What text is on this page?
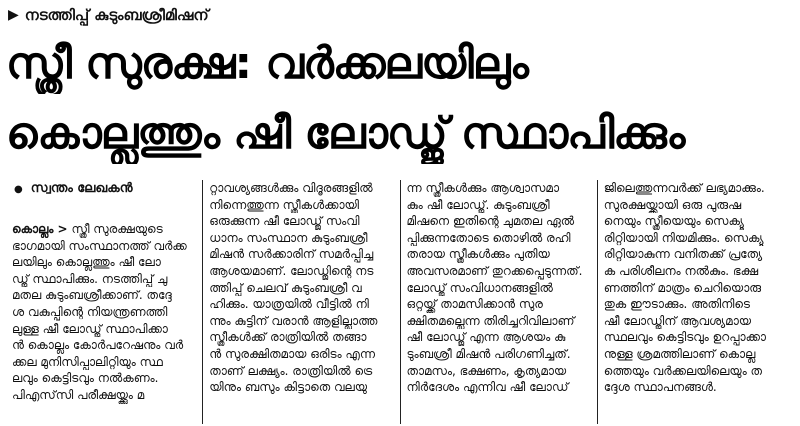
▶ നടത്തിപ്പ് കുടുംബശ്രീമിഷന്
സ്ത്രീ സുരക്ഷ: വർക്കലയിലും
കൊല്ലത്തും ഷീ ലോഡ്ജ് സ്ഥാപിക്കും
● സ്വന്തം ലേഖകൻ
കൊല്ലം > സ്ത്രീ സുരക്ഷയുടെ
ഭാഗമായി സംസ്ഥാനത്ത് വർക്ക
ലയിലും കൊല്ലത്തും ഷീ ലോ
ഡ്ജ് സ്ഥാപിക്കും. നടത്തിപ്പ് ചു
മതല കുടുംബശ്രീക്കാണ്. തദ്ദേ
ശ വകുപ്പിന്റെ നിയന്ത്രണത്തി
ലുള്ള ഷീ ലോഡ്ജ് സ്ഥാപിക്കാ
ൻ കൊല്ലം കോർപറേഷനും വർ
ക്കല മുനിസിപ്പാലിറ്റിയും സ്ഥ
ലവും കെട്ടിടവും നൽകണം.
പിഎസ്‌സി പരീക്ഷയ്ക്കും മ
റ്റാവശ്യങ്ങൾക്കും വിദൂരങ്ങളിൽ
നിന്നെത്തുന്ന സ്ത്രീകൾക്കായി
ഒരുക്കുന്ന ഷീ ലോഡ്ജ് സംവി
ധാനം സംസ്ഥാന കുടുംബശ്രീ
മിഷൻ സർക്കാരിന് സമർപ്പിച്ച
ആശയമാണ്. ലോഡ്ജിന്റെ നട
ത്തിപ്പ് ചെലവ് കുടുംബശ്രീ വ
ഹിക്കും. യാത്രയിൽ വീട്ടിൽ നി
ന്നും കുട്ടിന് വരാൻ ആളില്ലാത്ത
സ്ത്രീകൾക്ക് രാത്രിയിൽ തങ്ങാ
ൻ സുരക്ഷിതമായ ഒരിടം എന്ന
താണ് ലക്ഷ്യം. രാത്രിയിൽ ട്രെ
യിനും ബസും കിട്ടാതെ വലയു
ന്ന സ്ത്രീകൾക്കും ആശ്വാസമാ
കും ഷീ ലോഡ്ജ്. കുടുംബശ്രീ
മിഷനെ ഇതിന്റെ ചുമതല ഏൽ
പ്പിക്കുന്നതോടെ തൊഴിൽ രഹി
തരായ സ്ത്രീകൾക്കും പുതിയ
അവസരമാണ് തുറക്കപ്പെടുന്നത്.
ലോഡ്ജ് സംവിധാനങ്ങളിൽ
ഒറ്റയ്ക്ക് താമസിക്കാൻ സുര
ക്ഷിതമല്ലെന്ന തിരിച്ചറിവിലാണ്
ഷീ ലോഡ്ജ് എന്ന ആശയം കു
ടുംബശ്രീ മിഷൻ പരിഗണിച്ചത്.
താമസം, ഭക്ഷണം, കൃത്യമായ
നിർദേശം എന്നിവ ഷീ ലോഡ്
ജിലെത്തുന്നവർക്ക് ലഭ്യമാക്കും.
സുരക്ഷയ്ക്കായി ഒരു പുരുഷ
നെയും സ്ത്രീയെയും സെക്യൂ
രിറ്റിയായി നിയമിക്കും. സെക്യൂ
രിറ്റിയാകുന്ന വനിതക്ക് പ്രത്യേ
ക പരിശീലനം നൽകും. ഭക്ഷ
ണത്തിന് മാത്രം ചെറിയൊരു
തുക ഈടാക്കും. അതിനിടെ
ഷീ ലോഡ്ജിന് ആവശ്യമായ
സ്ഥലവും കെട്ടിടവും ഉറപ്പാക്കാ
നുള്ള ശ്രമത്തിലാണ് കൊല്ല
ത്തെയും വർക്കലയിലെയും ത
ദ്ദേശ സ്ഥാപനങ്ങൾ.
